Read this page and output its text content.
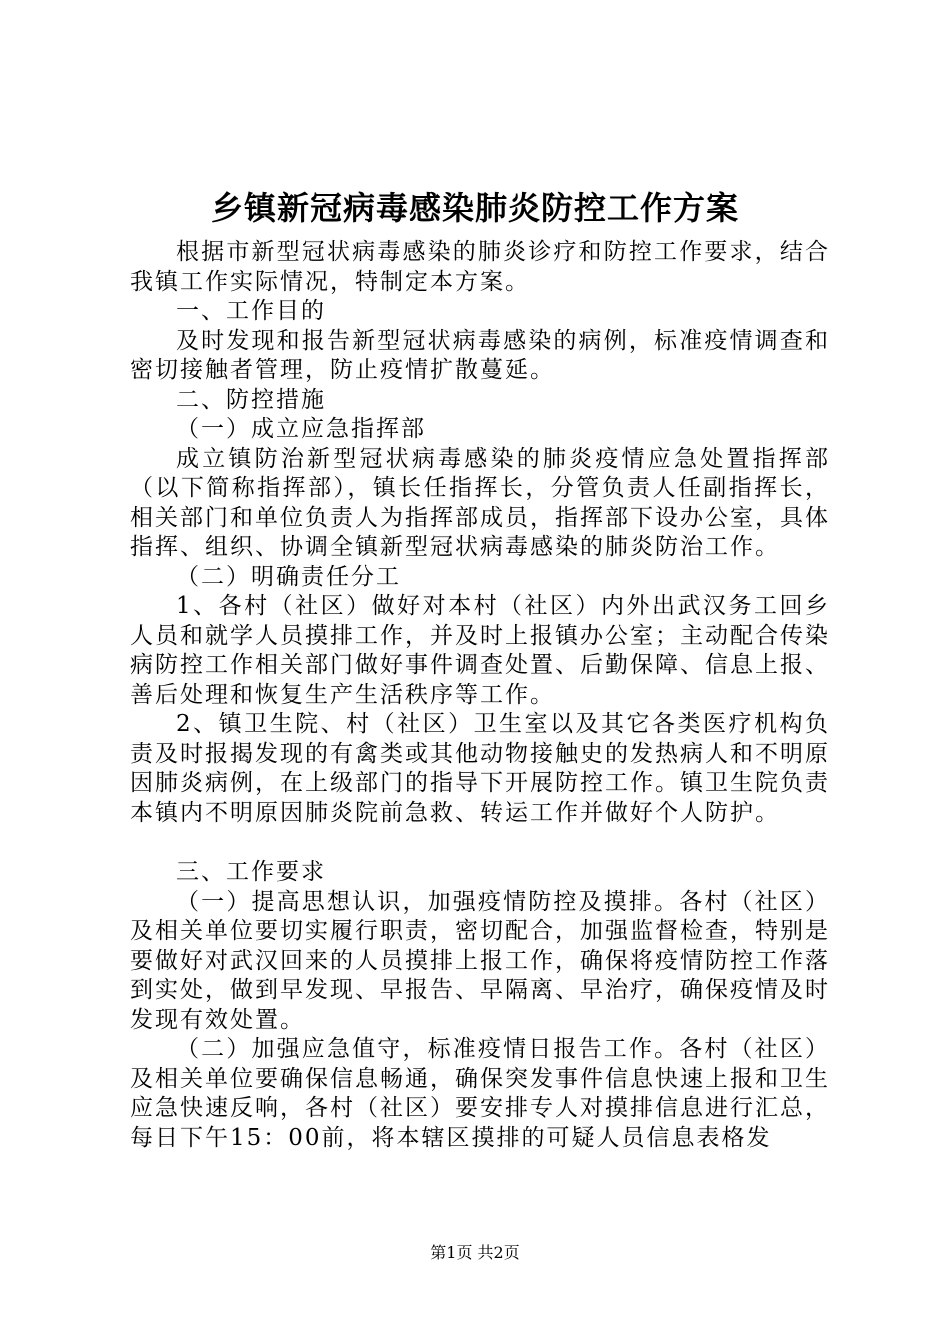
乡镇新冠病毒感染肺炎防控工作方案

根据市新型冠状病毒感染的肺炎诊疗和防控工作要求，结合我镇工作实际情况，特制定本方案。

一、工作目的

及时发现和报告新型冠状病毒感染的病例，标准疫情调查和密切接触者管理，防止疫情扩散蔓延。

二、防控措施

（一）成立应急指挥部

成立镇防治新型冠状病毒感染的肺炎疫情应急处置指挥部（以下简称指挥部），镇长任指挥长，分管负责人任副指挥长，相关部门和单位负责人为指挥部成员，指挥部下设办公室，具体指挥、组织、协调全镇新型冠状病毒感染的肺炎防治工作。

（二）明确责任分工

1、各村（社区）做好对本村（社区）内外出武汉务工回乡人员和就学人员摸排工作，并及时上报镇办公室；主动配合传染病防控工作相关部门做好事件调查处置、后勤保障、信息上报、善后处理和恢复生产生活秩序等工作。

2、镇卫生院、村（社区）卫生室以及其它各类医疗机构负责及时报揭发现的有禽类或其他动物接触史的发热病人和不明原因肺炎病例，在上级部门的指导下开展防控工作。镇卫生院负责本镇内不明原因肺炎院前急救、转运工作并做好个人防护。

三、工作要求

（一）提高思想认识，加强疫情防控及摸排。各村（社区）及相关单位要切实履行职责，密切配合，加强监督检查，特别是要做好对武汉回来的人员摸排上报工作，确保将疫情防控工作落到实处，做到早发现、早报告、早隔离、早治疗，确保疫情及时发现有效处置。

（二）加强应急值守，标准疫情日报告工作。各村（社区）及相关单位要确保信息畅通，确保突发事件信息快速上报和卫生应急快速反响，各村（社区）要安排专人对摸排信息进行汇总，每日下午15：00前，将本辖区摸排的可疑人员信息表格发

第1页 共2页
